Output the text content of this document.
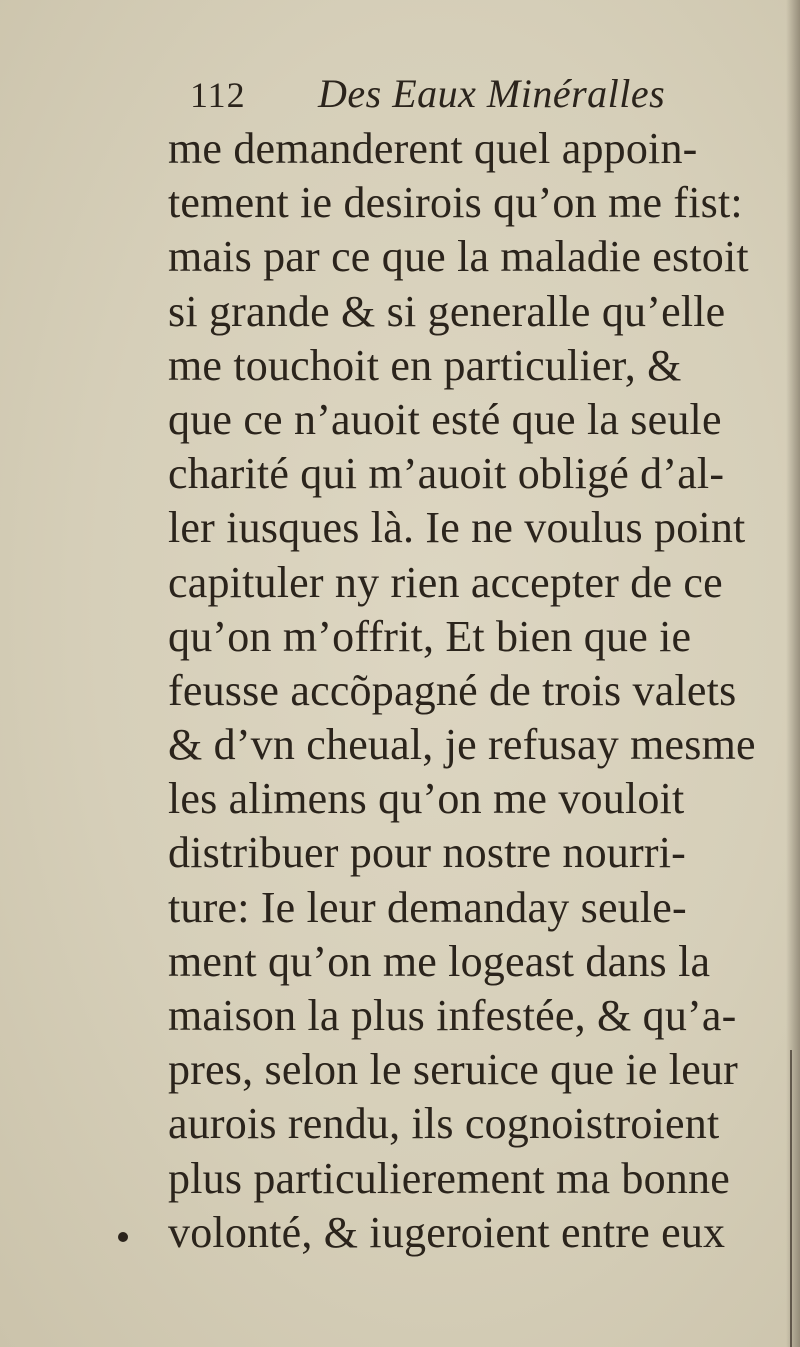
112 Des Eaux Minéralles
me demanderent quel appoin-
tement ie desirois qu’on me fist:
mais par ce que la maladie estoit
si grande & si generalle qu’elle
me touchoit en particulier, &
que ce n’auoit esté que la seule
charité qui m’auoit obligé d’al-
ler iusques là. Ie ne voulus point
capituler ny rien accepter de ce
qu’on m’offrit, Et bien que ie
feusse accõpagné de trois valets
& d’vn cheual, je refusay mesme
les alimens qu’on me vouloit
distribuer pour nostre nourri-
ture: Ie leur demanday seule-
ment qu’on me logeast dans la
maison la plus infestée, & qu’a-
pres, selon le seruice que ie leur
aurois rendu, ils cognoistroient
plus particulierement ma bonne
volonté, & iugeroient entre eux
